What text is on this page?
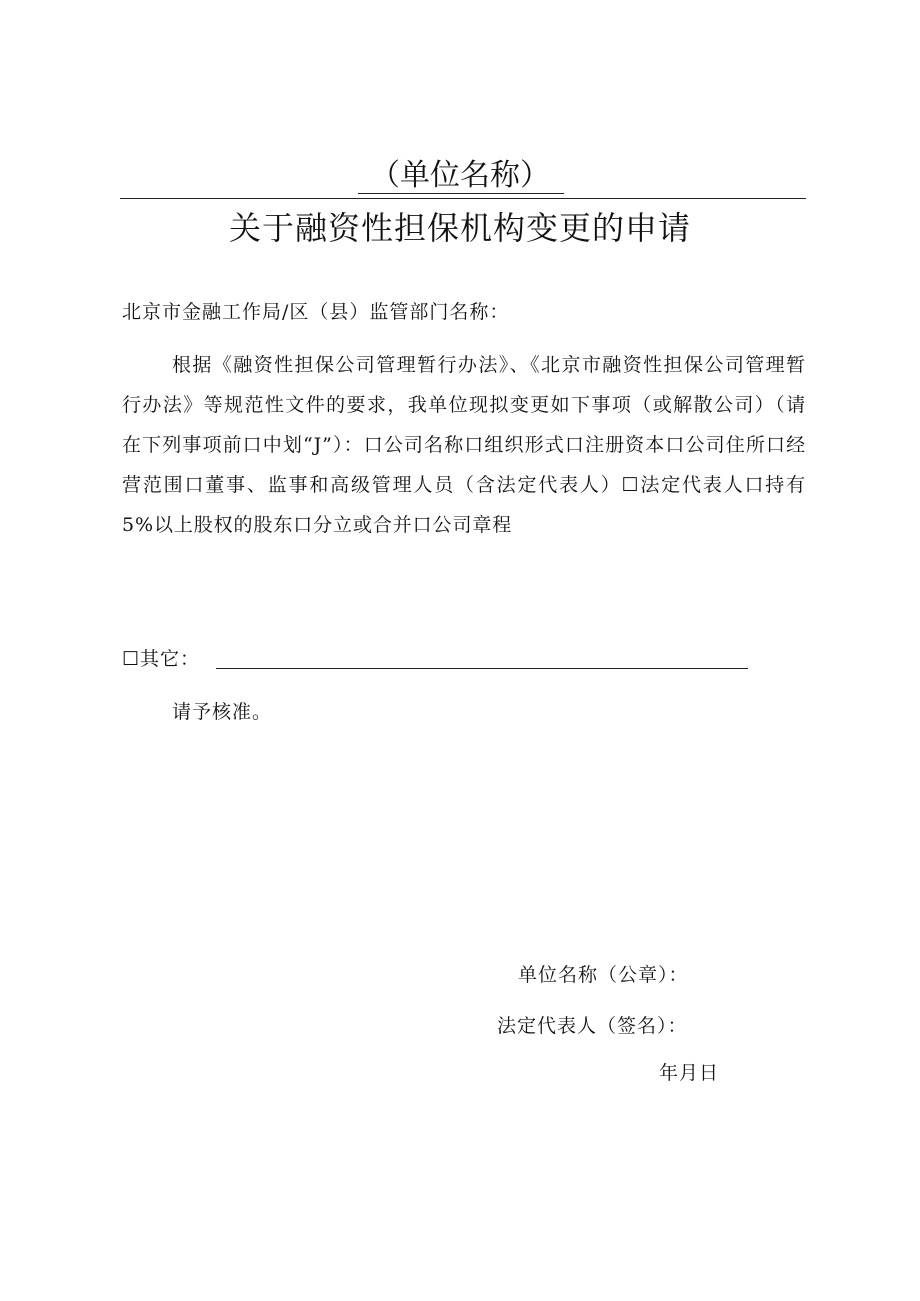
（单位名称）
关于融资性担保机构变更的申请
北京市金融工作局/区（县）监管部门名称：

根据《融资性担保公司管理暂行办法》、《北京市融资性担保公司管理暂行办法》等规范性文件的要求，我单位现拟变更如下事项（或解散公司）（请在下列事项前口中划“J”）：口公司名称口组织形式口注册资本口公司住所口经营范围口董事、监事和高级管理人员（含法定代表人）☐法定代表人口持有 5%以上股权的股东口分立或合并口公司章程

☐其它：
请予核准。
单位名称（公章）：
法定代表人（签名）：
年月日
